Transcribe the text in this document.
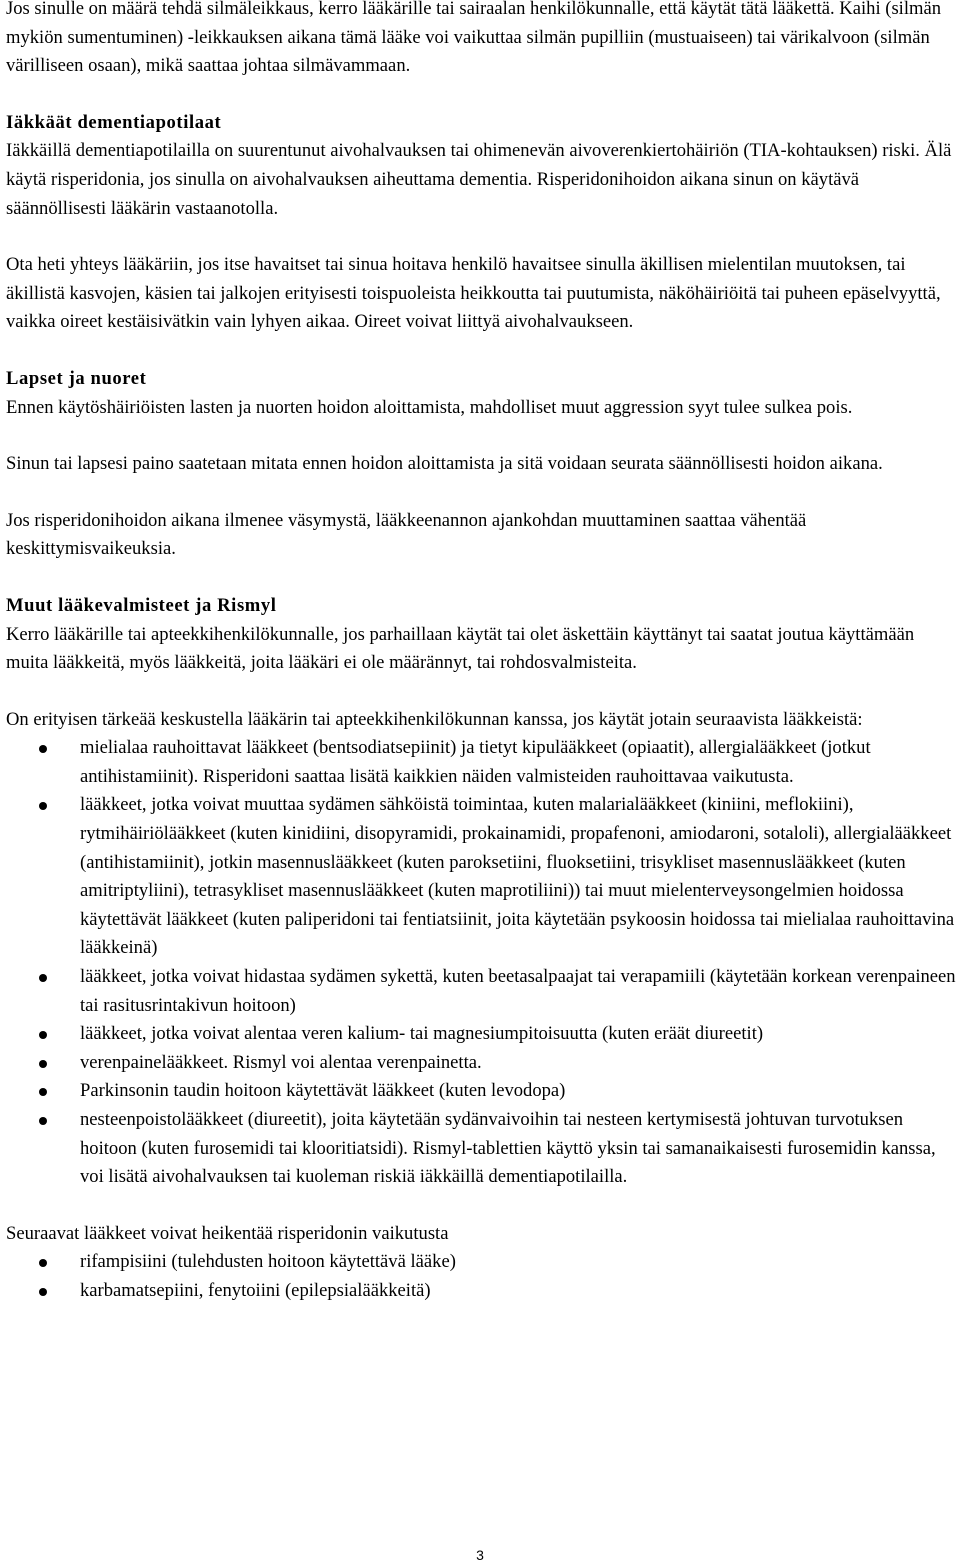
Jos sinulle on määrä tehdä silmäleikkaus, kerro lääkärille tai sairaalan henkilökunnalle, että käytät tätä lääkettä. Kaihi (silmän mykiön sumentuminen) -leikkauksen aikana tämä lääke voi vaikuttaa silmän pupilliin (mustuaiseen) tai värikalvoon (silmän värilliseen osaan), mikä saattaa johtaa silmävammaan.

Iäkkäät dementiapotilaat

Iäkkäillä dementiapotilailla on suurentunut aivohalvauksen tai ohimenevän aivoverenkiertohäiriön (TIA-kohtauksen) riski. Älä käytä risperidonia, jos sinulla on aivohalvauksen aiheuttama dementia. Risperidonihoidon aikana sinun on käytävä säännöllisesti lääkärin vastaanotolla.

Ota heti yhteys lääkäriin, jos itse havaitset tai sinua hoitava henkilö havaitsee sinulla äkillisen mielentilan muutoksen, tai äkillistä kasvojen, käsien tai jalkojen erityisesti toispuoleista heikkoutta tai puutumista, näköhäiriöitä tai puheen epäselvyyttä, vaikka oireet kestäisivätkin vain lyhyen aikaa. Oireet voivat liittyä aivohalvaukseen.

Lapset ja nuoret

Ennen käytöshäiriöisten lasten ja nuorten hoidon aloittamista, mahdolliset muut aggression syyt tulee sulkea pois.

Sinun tai lapsesi paino saatetaan mitata ennen hoidon aloittamista ja sitä voidaan seurata säännöllisesti hoidon aikana.

Jos risperidonihoidon aikana ilmenee väsymystä, lääkkeenannon ajankohdan muuttaminen saattaa vähentää keskittymisvaikeuksia.

Muut lääkevalmisteet ja Rismyl

Kerro lääkärille tai apteekkihenkilökunnalle, jos parhaillaan käytät tai olet äskettäin käyttänyt tai saatat joutua käyttämään muita lääkkeitä, myös lääkkeitä, joita lääkäri ei ole määrännyt, tai rohdosvalmisteita.

On erityisen tärkeää keskustella lääkärin tai apteekkihenkilökunnan kanssa, jos käytät jotain seuraavista lääkkeistä:

mielialaa rauhoittavat lääkkeet (bentsodiatsepiinit) ja tietyt kipulääkkeet (opiaatit), allergialääkkeet (jotkut antihistamiinit). Risperidoni saattaa lisätä kaikkien näiden valmisteiden rauhoittavaa vaikutusta.
lääkkeet, jotka voivat muuttaa sydämen sähköistä toimintaa, kuten malarialääkkeet (kiniini, meflokiini), rytmihäiriölääkkeet (kuten kinidiini, disopyramidi, prokainamidi, propafenoni, amiodaroni, sotaloli), allergialääkkeet (antihistamiinit), jotkin masennuslääkkeet (kuten paroksetiini, fluoksetiini, trisykliset masennuslääkkeet (kuten amitriptyliini), tetrasykliset masennuslääkkeet (kuten maprotiliini)) tai muut mielenterveysongelmien hoidossa käytettävät lääkkeet (kuten paliperidoni tai fentiatsiinit, joita käytetään psykoosin hoidossa tai mielialaa rauhoittavina lääkkeinä)
lääkkeet, jotka voivat hidastaa sydämen sykettä, kuten beetasalpaajat tai verapamiili (käytetään korkean verenpaineen tai rasitusrintakivun hoitoon)
lääkkeet, jotka voivat alentaa veren kalium- tai magnesiumpitoisuutta (kuten eräät diureetit)
verenpainelääkkeet. Rismyl voi alentaa verenpainetta.
Parkinsonin taudin hoitoon käytettävät lääkkeet (kuten levodopa)
nesteenpoistolääkkeet (diureetit), joita käytetään sydänvaivoihin tai nesteen kertymisestä johtuvan turvotuksen hoitoon (kuten furosemidi tai klooritiatsidi). Rismyl-tablettien käyttö yksin tai samanaikaisesti furosemidin kanssa, voi lisätä aivohalvauksen tai kuoleman riskiä iäkkäillä dementiapotilailla.

Seuraavat lääkkeet voivat heikentää risperidonin vaikutusta

rifampisiini (tulehdusten hoitoon käytettävä lääke)
karbamatsepiini, fenytoiini (epilepsialääkkeitä)
3
